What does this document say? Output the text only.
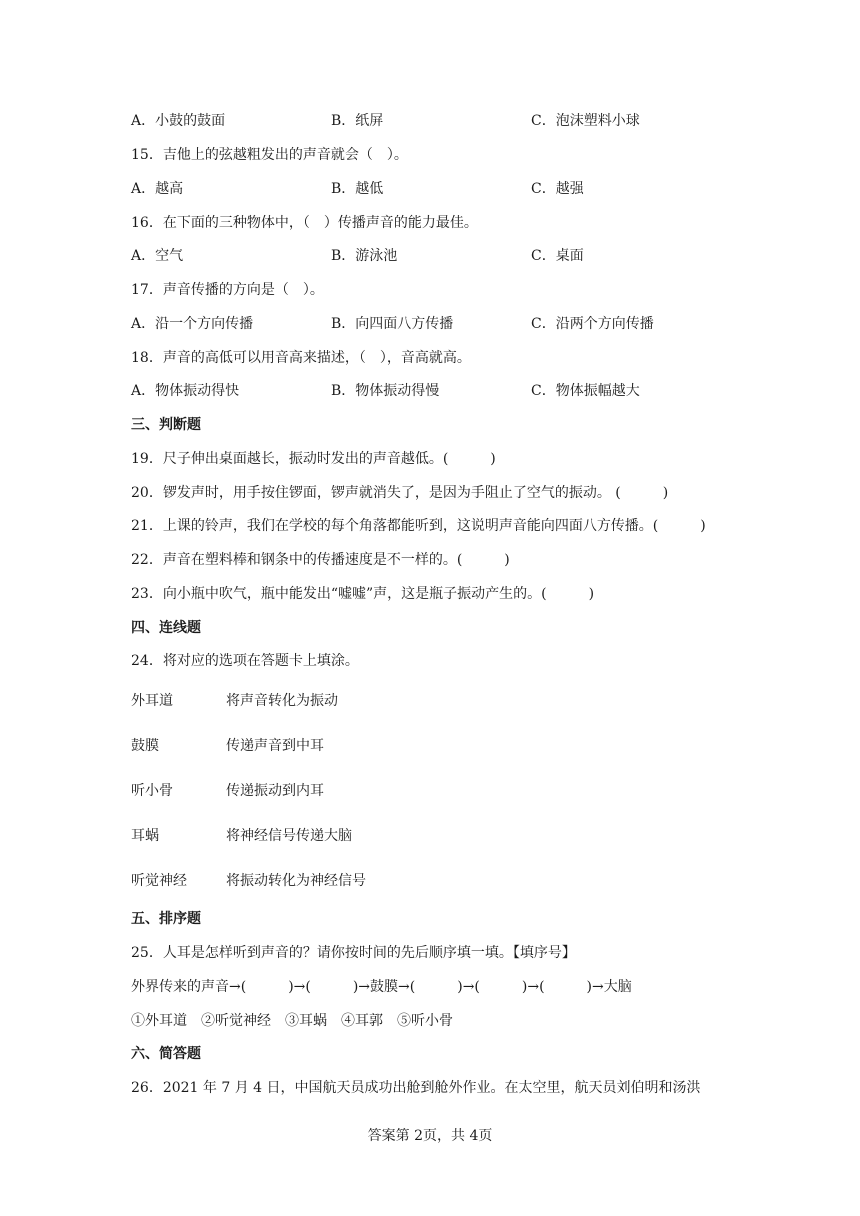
A．小鼓的鼓面	B．纸屏	C．泡沫塑料小球
15．吉他上的弦越粗发出的声音就会（　）。
A．越高	B．越低	C．越强
16．在下面的三种物体中，（　）传播声音的能力最佳。
A．空气	B．游泳池	C．桌面
17．声音传播的方向是（　）。
A．沿一个方向传播	B．向四面八方传播	C．沿两个方向传播
18．声音的高低可以用音高来描述，（　），音高就高。
A．物体振动得快	B．物体振动得慢	C．物体振幅越大
三、判断题
19．尺子伸出桌面越长，振动时发出的声音越低。(　　　)
20．锣发声时，用手按住锣面，锣声就消失了，是因为手阻止了空气的振动。 (　　　)
21．上课的铃声，我们在学校的每个角落都能听到，这说明声音能向四面八方传播。(　　　)
22．声音在塑料棒和钢条中的传播速度是不一样的。(　　　)
23．向小瓶中吹气，瓶中能发出“嘘嘘”声，这是瓶子振动产生的。(　　　)
四、连线题
24．将对应的选项在答题卡上填涂。
外耳道	将声音转化为振动
鼓膜	传递声音到中耳
听小骨	传递振动到内耳
耳蜗	将神经信号传递大脑
听觉神经	将振动转化为神经信号
五、排序题
25．人耳是怎样听到声音的？请你按时间的先后顺序填一填。【填序号】
外界传来的声音→(　　　)→(　　　)→鼓膜→(　　　)→(　　　)→(　　　)→大脑
①外耳道　②听觉神经　③耳蜗　④耳郭　⑤听小骨
六、简答题
26．2021 年 7 月 4 日，中国航天员成功出舱到舱外作业。在太空里，航天员刘伯明和汤洪
答案第 2页，共 4页
